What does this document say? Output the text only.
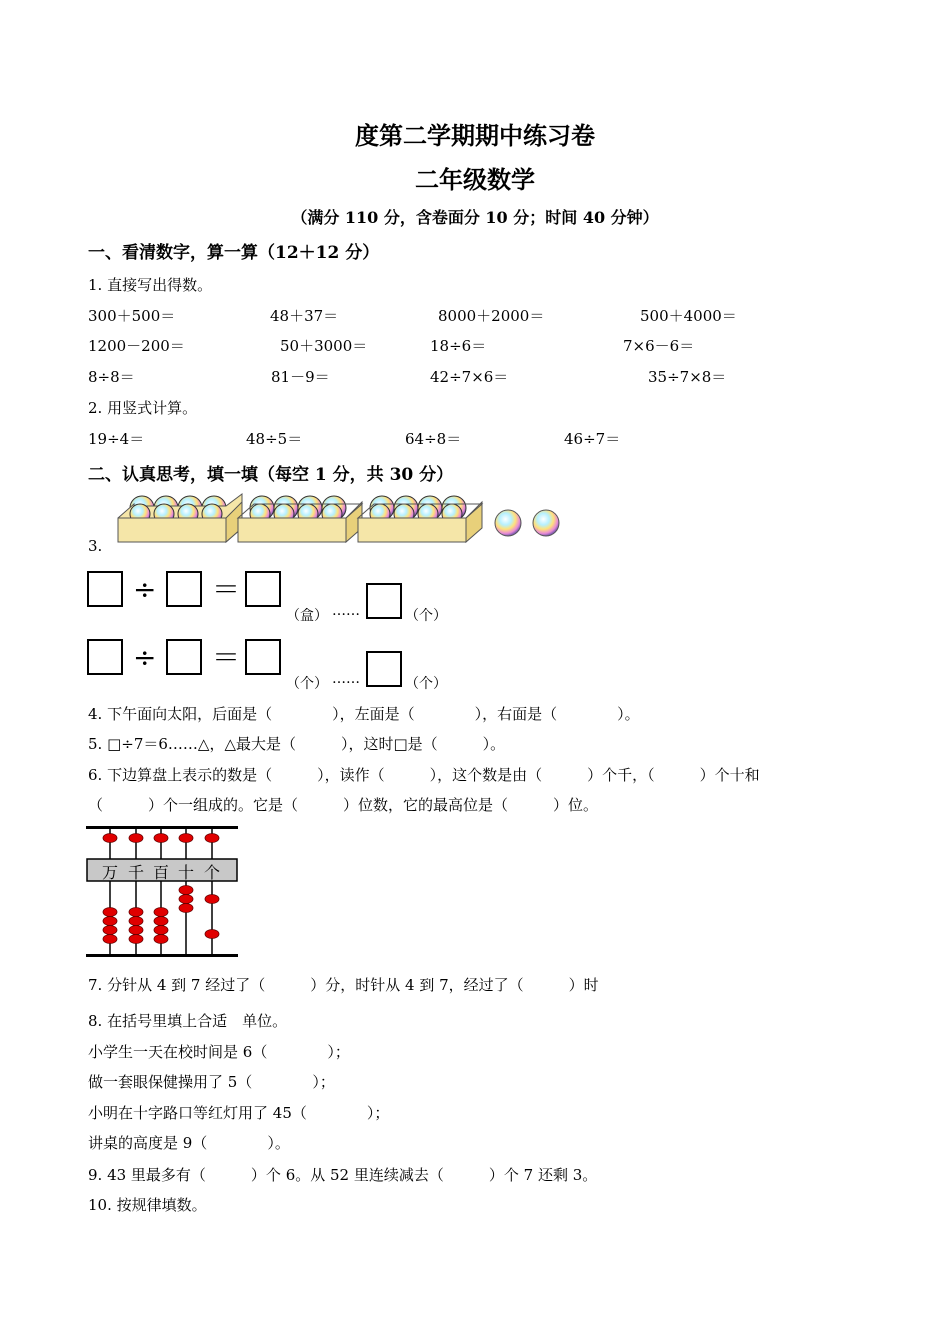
度第二学期期中练习卷
二年级数学
（满分 110 分，含卷面分 10 分；时间 40 分钟）
一、看清数字，算一算（12＋12 分）
1. 直接写出得数。
300＋500＝	48＋37＝	8000＋2000＝	500＋4000＝
1200－200＝	50＋3000＝	18÷6＝	7×6－6＝
8÷8＝	81－9＝	42÷7×6＝	35÷7×8＝
2. 用竖式计算。
19÷4＝	48÷5＝	64÷8＝	46÷7＝
二、认真思考，填一填（每空 1 分，共 30 分）
3.
÷ ＝
（盒） ……	（个）
÷ ＝
（个） ……	（个）
4. 下午面向太阳，后面是（　　　　），左面是（　　　　），右面是（　　　　）。
5. □÷7＝6……△，△最大是（　　　），这时□是（　　　）。
6. 下边算盘上表示的数是（　　　），读作（　　　），这个数是由（　　　）个千，（　　　）个十和
（　　　）个一组成的。它是（　　　）位数，它的最高位是（　　　）位。
万 千 百 十 个
7. 分针从 4 到 7 经过了（　　　）分，时针从 4 到 7，经过了（　　　）时
8. 在括号里填上合适　单位。
小学生一天在校时间是 6（　　　　）；
做一套眼保健操用了 5（　　　　）；
小明在十字路口等红灯用了 45（　　　　）；
讲桌的高度是 9（　　　　）。
9. 43 里最多有（　　　）个 6。从 52 里连续减去（　　　）个 7 还剩 3。
10. 按规律填数。
